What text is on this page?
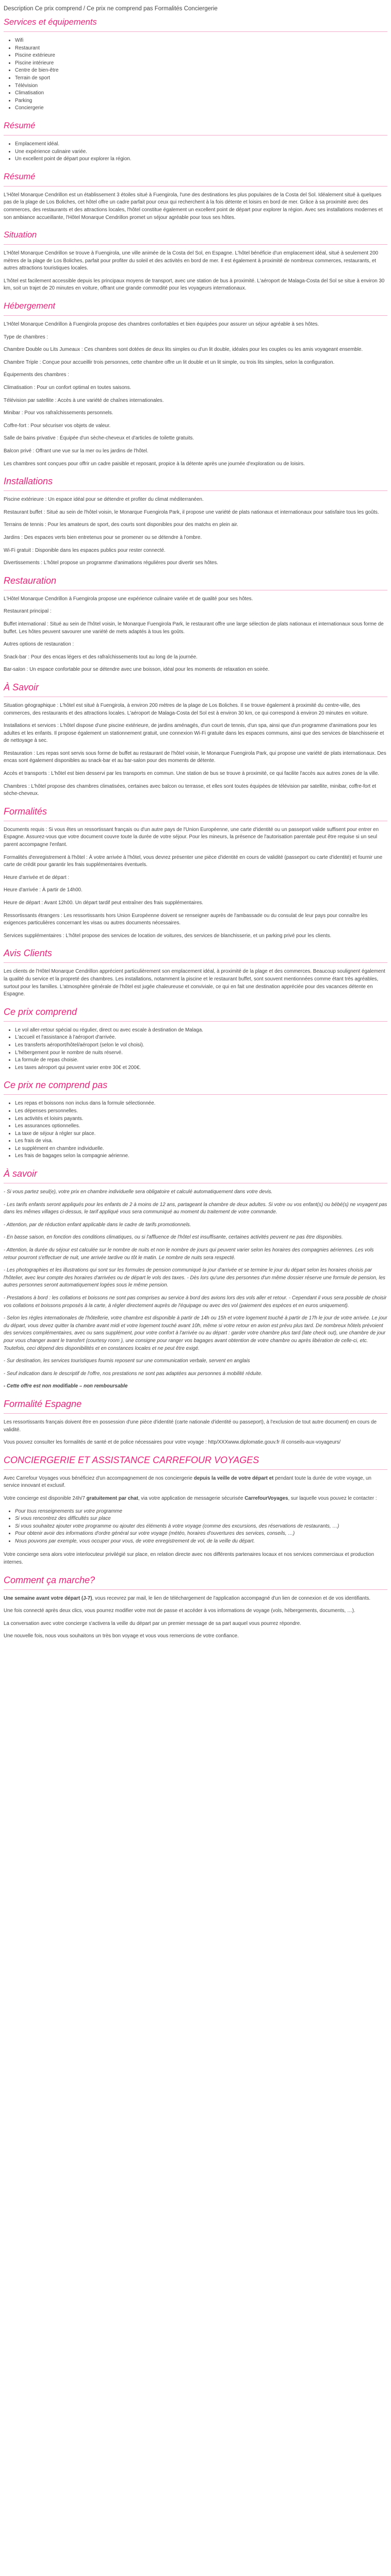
Description Ce prix comprend / Ce prix ne comprend pas Formalités Conciergerie
Services et équipements
• Wifi
• Restaurant
• Piscine extérieure
• Piscine intérieure
• Centre de bien-être
• Terrain de sport
• Télévision
• Climatisation
• Parking
• Conciergerie
Résumé
• Emplacement idéal.
• Une expérience culinaire variée.
• Un excellent point de départ pour explorer la région.
Résumé

L'Hôtel Monarque Cendrillon est un établissement 3 étoiles situé à Fuengirola, l'une des destinations les plus populaires de la Costa del Sol. Idéalement situé à quelques pas de la plage de Los Boliches, cet hôtel offre un cadre parfait pour ceux qui recherchent à la fois détente et loisirs en bord de mer. Grâce à sa proximité avec des commerces, des restaurants et des attractions locales, l'hôtel constitue également un excellent point de départ pour explorer la région. Avec ses installations modernes et son ambiance accueillante, l'Hôtel Monarque Cendrillon promet un séjour agréable pour tous ses hôtes.

Situation

L'Hôtel Monarque Cendrillon se trouve à Fuengirola, une ville animée de la Costa del Sol, en Espagne. L'hôtel bénéficie d'un emplacement idéal, situé à seulement 200 mètres de la plage de Los Boliches, parfait pour profiter du soleil et des activités en bord de mer. Il est également à proximité de nombreux commerces, restaurants, et autres attractions touristiques locales.

L'hôtel est facilement accessible depuis les principaux moyens de transport, avec une station de bus à proximité. L'aéroport de Malaga-Costa del Sol se situe à environ 30 km, soit un trajet de 20 minutes en voiture, offrant une grande commodité pour les voyageurs internationaux.

Hébergement

L'Hôtel Monarque Cendrillon à Fuengirola propose des chambres confortables et bien équipées pour assurer un séjour agréable à ses hôtes.

Type de chambres :

Chambre Double ou Lits Jumeaux : Ces chambres sont dotées de deux lits simples ou d'un lit double, idéales pour les couples ou les amis voyageant ensemble.

Chambre Triple : Conçue pour accueillir trois personnes, cette chambre offre un lit double et un lit simple, ou trois lits simples, selon la configuration.

Équipements des chambres :

Climatisation : Pour un confort optimal en toutes saisons.

Télévision par satellite : Accès à une variété de chaînes internationales.

Minibar : Pour vos rafraîchissements personnels.

Coffre-fort : Pour sécuriser vos objets de valeur.

Salle de bains privative : Équipée d'un sèche-cheveux et d'articles de toilette gratuits.

Balcon privé : Offrant une vue sur la mer ou les jardins de l'hôtel.

Les chambres sont conçues pour offrir un cadre paisible et reposant, propice à la détente après une journée d'exploration ou de loisirs.

Installations

Piscine extérieure : Un espace idéal pour se détendre et profiter du climat méditerranéen.

Restaurant buffet : Situé au sein de l'hôtel voisin, le Monarque Fuengirola Park, il propose une variété de plats nationaux et internationaux pour satisfaire tous les goûts.

Terrains de tennis : Pour les amateurs de sport, des courts sont disponibles pour des matchs en plein air.

Jardins : Des espaces verts bien entretenus pour se promener ou se détendre à l'ombre.

Wi-Fi gratuit : Disponible dans les espaces publics pour rester connecté.

Divertissements : L'hôtel propose un programme d'animations régulières pour divertir ses hôtes.

Restauration

L'Hôtel Monarque Cendrillon à Fuengirola propose une expérience culinaire variée et de qualité pour ses hôtes.

Restaurant principal :

Buffet international : Situé au sein de l'hôtel voisin, le Monarque Fuengirola Park, le restaurant offre une large sélection de plats nationaux et internationaux sous forme de buffet. Les hôtes peuvent savourer une variété de mets adaptés à tous les goûts.

Autres options de restauration :

Snack-bar : Pour des encas légers et des rafraîchissements tout au long de la journée.

Bar-salon : Un espace confortable pour se détendre avec une boisson, idéal pour les moments de relaxation en soirée.

À Savoir

Situation géographique : L'hôtel est situé à Fuengirola, à environ 200 mètres de la plage de Los Boliches. Il se trouve également à proximité du centre-ville, des commerces, des restaurants et des attractions locales. L'aéroport de Malaga-Costa del Sol est à environ 30 km, ce qui correspond à environ 20 minutes en voiture.

Installations et services : L'hôtel dispose d'une piscine extérieure, de jardins aménagés, d'un court de tennis, d'un spa, ainsi que d'un programme d'animations pour les adultes et les enfants. Il propose également un stationnement gratuit, une connexion Wi-Fi gratuite dans les espaces communs, ainsi que des services de blanchisserie et de nettoyage à sec.

Restauration : Les repas sont servis sous forme de buffet au restaurant de l'hôtel voisin, le Monarque Fuengirola Park, qui propose une variété de plats internationaux. Des encas sont également disponibles au snack-bar et au bar-salon pour des moments de détente.

Accès et transports : L'hôtel est bien desservi par les transports en commun. Une station de bus se trouve à proximité, ce qui facilite l'accès aux autres zones de la ville.

Chambres : L'hôtel propose des chambres climatisées, certaines avec balcon ou terrasse, et elles sont toutes équipées de télévision par satellite, minibar, coffre-fort et sèche-cheveux.

Formalités

Documents requis : Si vous êtes un ressortissant français ou d'un autre pays de l'Union Européenne, une carte d'identité ou un passeport valide suffisent pour entrer en Espagne. Assurez-vous que votre document couvre toute la durée de votre séjour. Pour les mineurs, la présence de l'autorisation parentale peut être requise si un seul parent accompagne l'enfant.

Formalités d'enregistrement à l'hôtel : À votre arrivée à l'hôtel, vous devrez présenter une pièce d'identité en cours de validité (passeport ou carte d'identité) et fournir une carte de crédit pour garantir les frais supplémentaires éventuels.

Heure d'arrivée et de départ :

Heure d'arrivée : À partir de 14h00.

Heure de départ : Avant 12h00. Un départ tardif peut entraîner des frais supplémentaires.

Ressortissants étrangers : Les ressortissants hors Union Européenne doivent se renseigner auprès de l'ambassade ou du consulat de leur pays pour connaître les exigences particulières concernant les visas ou autres documents nécessaires.

Services supplémentaires : L'hôtel propose des services de location de voitures, des services de blanchisserie, et un parking privé pour les clients.

Avis Clients

Les clients de l'Hôtel Monarque Cendrillon apprécient particulièrement son emplacement idéal, à proximité de la plage et des commerces. Beaucoup soulignent également la qualité du service et la propreté des chambres. Les installations, notamment la piscine et le restaurant buffet, sont souvent mentionnées comme étant très agréables, surtout pour les familles. L'atmosphère générale de l'hôtel est jugée chaleureuse et conviviale, ce qui en fait une destination appréciée pour des vacances détente en Espagne.

Ce prix comprend
• Le vol aller-retour spécial ou régulier, direct ou avec escale à destination de Malaga.
• L'accueil et l'assistance à l'aéroport d'arrivée.
• Les transferts aéroport/hôtel/aéroport (selon le vol choisi).
• L'hébergement pour le nombre de nuits réservé.
• La formule de repas choisie.
• Les taxes aéroport qui peuvent varier entre 30€ et 200€.
Ce prix ne comprend pas
• Les repas et boissons non inclus dans la formule sélectionnée.
• Les dépenses personnelles.
• Les activités et loisirs payants.
• Les assurances optionnelles.
• La taxe de séjour à régler sur place.
• Les frais de visa.
• Le supplément en chambre individuelle.
• Les frais de bagages selon la compagnie aérienne.
À savoir

- Si vous partez seul(e), votre prix en chambre individuelle sera obligatoire et calculé automatiquement dans votre devis.

- Les tarifs enfants seront appliqués pour les enfants de 2 à moins de 12 ans, partageant la chambre de deux adultes. Si votre ou vos enfant(s) ou bébé(s) ne voyagent pas dans les mêmes villages ci-dessus, le tarif appliqué vous sera communiqué au moment du traitement de votre commande.

- Attention, par de réduction enfant applicable dans le cadre de tarifs promotionnels.

- En basse saison, en fonction des conditions climatiques, ou si l'affluence de l'hôtel est insuffisante, certaines activités peuvent ne pas être disponibles.

- Attention, la durée du séjour est calculée sur le nombre de nuits et non le nombre de jours qui peuvent varier selon les horaires des compagnies aériennes. Les vols retour pourront s'effectuer de nuit, une arrivée tardive ou tôt le matin. Le nombre de nuits sera respecté.

- Les photographies et les illustrations qui sont sur les formules de pension communiqué la jour d'arrivée et se termine le jour du départ selon les horaires choisis par l'hôtelier, avec leur compte des horaires d'arrivées ou de départ le vols des taxes. - Dès lors qu'une des personnes d'un même dossier réserve une formule de pension, les autres personnes seront automatiquement logées sous le même pension.

- Prestations à bord : les collations et boissons ne sont pas comprises au service à bord des avions lors des vols aller et retour. - Cependant il vous sera possible de choisir vos collations et boissons proposés à la carte, à régler directement auprès de l'équipage ou avec des vol (paiement des espèces et en euros uniquement).

- Selon les règles internationales de l'hôtellerie, votre chambre est disponible à partir de 14h ou 15h et votre logement touché à partir de 17h le jour de votre arrivée. Le jour du départ, vous devez quitter la chambre avant midi et votre logement touché avant 10h, même si votre retour en avion est prévu plus tard. De nombreux hôtels prévoient des services complémentaires, avec ou sans supplément, pour votre confort à l'arrivée ou au départ : garder votre chambre plus tard (late check out), une chambre de jour pour vous changer avant le transfert (courtesy room ), une consigne pour ranger vos bagages avant obtention de votre chambre ou après libération de celle-ci, etc. Toutefois, ceci dépend des disponibilités et en constances locales et ne peut être exigé.

- Sur destination, les services touristiques fournis reposent sur une communication verbale, servent en anglais

- Seuf indication dans le descriptif de l'offre, nos prestations ne sont pas adaptées aux personnes à mobilité réduite.

- Cette offre est non modifiable – non remboursable

Formalité Espagne

Les ressortissants français doivent être en possession d'une pièce d'identité (carte nationale d'identité ou passeport), à l'exclusion de tout autre document) en cours de validité.

Vous pouvez consulter les formalités de santé et de police nécessaires pour votre voyage : http/XXXwww.diplomatie.gouv.fr /il conseils-aux-voyageurs/

CONCIERGERIE ET ASSISTANCE CARREFOUR VOYAGES

Avec Carrefour Voyages vous bénéficiez d'un accompagnement de nos conciergerie depuis la veille de votre départ et pendant toute la durée de votre voyage, un service innovant et exclusif.

Votre concierge est disponible 24h/7 gratuitement par chat, via votre application de messagerie sécurisée CarrefourVoyages, sur laquelle vous pouvez le contacter :

• Pour tous renseignements sur votre programme
• Si vous rencontrez des difficultés sur place
• Si vous souhaitez ajouter votre programme ou ajouter des éléments à votre voyage (comme des excursions, des réservations de restaurants, …)
• Pour obtenir avoir des informations d'ordre général sur votre voyage (météo, horaires d'ouvertures des services, conseils, …)
• Nous pouvons par exemple, vous occuper pour vous, de votre enregistrement de vol, de la veille du départ.

Votre concierge sera alors votre interlocuteur privilégié sur place, en relation directe avec nos différents partenaires locaux et nos services commerciaux et production internes.

Comment ça marche?

Une semaine avant votre départ (J-7), vous recevrez par mail, le lien de téléchargement de l'application accompagné d'un lien de connexion et de vos identifiants.

Une fois connecté après deux clics, vous pourrez modifier votre mot de passe et accéder à vos informations de voyage (vols, hébergements, documents, …).

La conversation avec votre concierge s'activera la veille du départ par un premier message de sa part auquel vous pourrez répondre.

Une nouvelle fois, nous vous souhaitons un très bon voyage et vous vous remercions de votre confiance.
